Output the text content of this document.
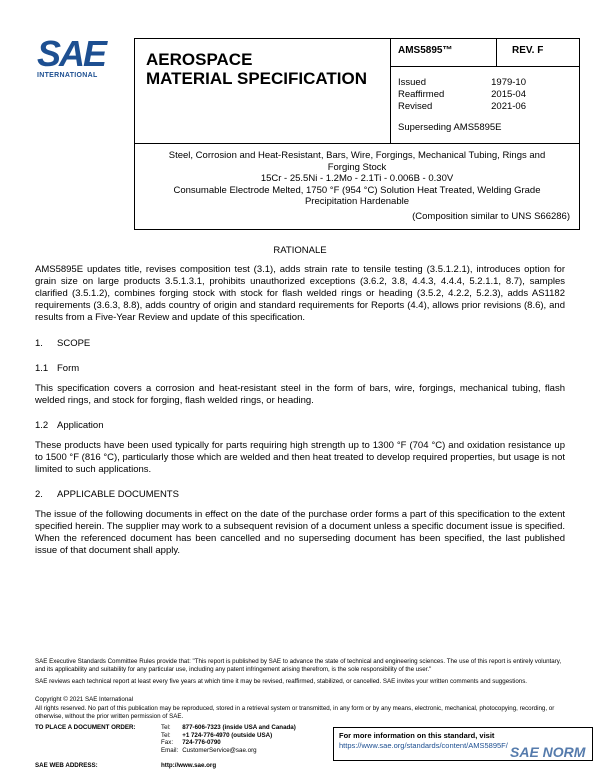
SAE
INTERNATIONAL
AEROSPACE
MATERIAL SPECIFICATION
AMS5895™	REV. F
Issued	1979-10
Reaffirmed	2015-04
Revised	2021-06
Superseding AMS5895E
Steel, Corrosion and Heat-Resistant, Bars, Wire, Forgings, Mechanical Tubing, Rings and
Forging Stock
15Cr - 25.5Ni - 1.2Mo - 2.1Ti - 0.006B - 0.30V
Consumable Electrode Melted, 1750 °F (954 °C) Solution Heat Treated, Welding Grade
Precipitation Hardenable
(Composition similar to UNS S66286)
RATIONALE
AMS5895E updates title, revises composition test (3.1), adds strain rate to tensile testing (3.5.1.2.1), introduces option for grain size on large products 3.5.1.3.1, prohibits unauthorized exceptions (3.6.2, 3.8, 4.4.3, 4.4.4, 5.2.1.1, 8.7), samples clarified (3.5.1.2), combines forging stock with stock for flash welded rings or heading (3.5.2, 4.2.2, 5.2.3), adds AS1182 requirements (3.6.3, 8.8), adds country of origin and standard requirements for Reports (4.4), allows prior revisions (8.6), and results from a Five-Year Review and update of this specification.
1. SCOPE
1.1 Form
This specification covers a corrosion and heat-resistant steel in the form of bars, wire, forgings, mechanical tubing, flash welded rings, and stock for forging, flash welded rings, or heading.
1.2 Application
These products have been used typically for parts requiring high strength up to 1300 °F (704 °C) and oxidation resistance up to 1500 °F (816 °C), particularly those which are welded and then heat treated to develop required properties, but usage is not limited to such applications.
2. APPLICABLE DOCUMENTS
The issue of the following documents in effect on the date of the purchase order forms a part of this specification to the extent specified herein. The supplier may work to a subsequent revision of a document unless a specific document issue is specified. When the referenced document has been cancelled and no superseding document has been specified, the last published issue of that document shall apply.
SAE Executive Standards Committee Rules provide that: "This report is published by SAE to advance the state of technical and engineering sciences. The use of this report is entirely voluntary, and its applicability and suitability for any particular use, including any patent infringement arising therefrom, is the sole responsibility of the user."
SAE reviews each technical report at least every five years at which time it may be revised, reaffirmed, stabilized, or cancelled. SAE invites your written comments and suggestions.
Copyright © 2021 SAE International
All rights reserved. No part of this publication may be reproduced, stored in a retrieval system or transmitted, in any form or by any means, electronic, mechanical, photocopying, recording, or otherwise, without the prior written permission of SAE.
TO PLACE A DOCUMENT ORDER:	Tel:	877-606-7323 (inside USA and Canada)
	Tel:	+1 724-776-4970 (outside USA)
	Fax:	724-776-0790
	Email:	CustomerService@sae.org
SAE WEB ADDRESS:	http://www.sae.org
For more information on this standard, visit
https://www.sae.org/standards/content/AMS5895F/ SAE NORM
